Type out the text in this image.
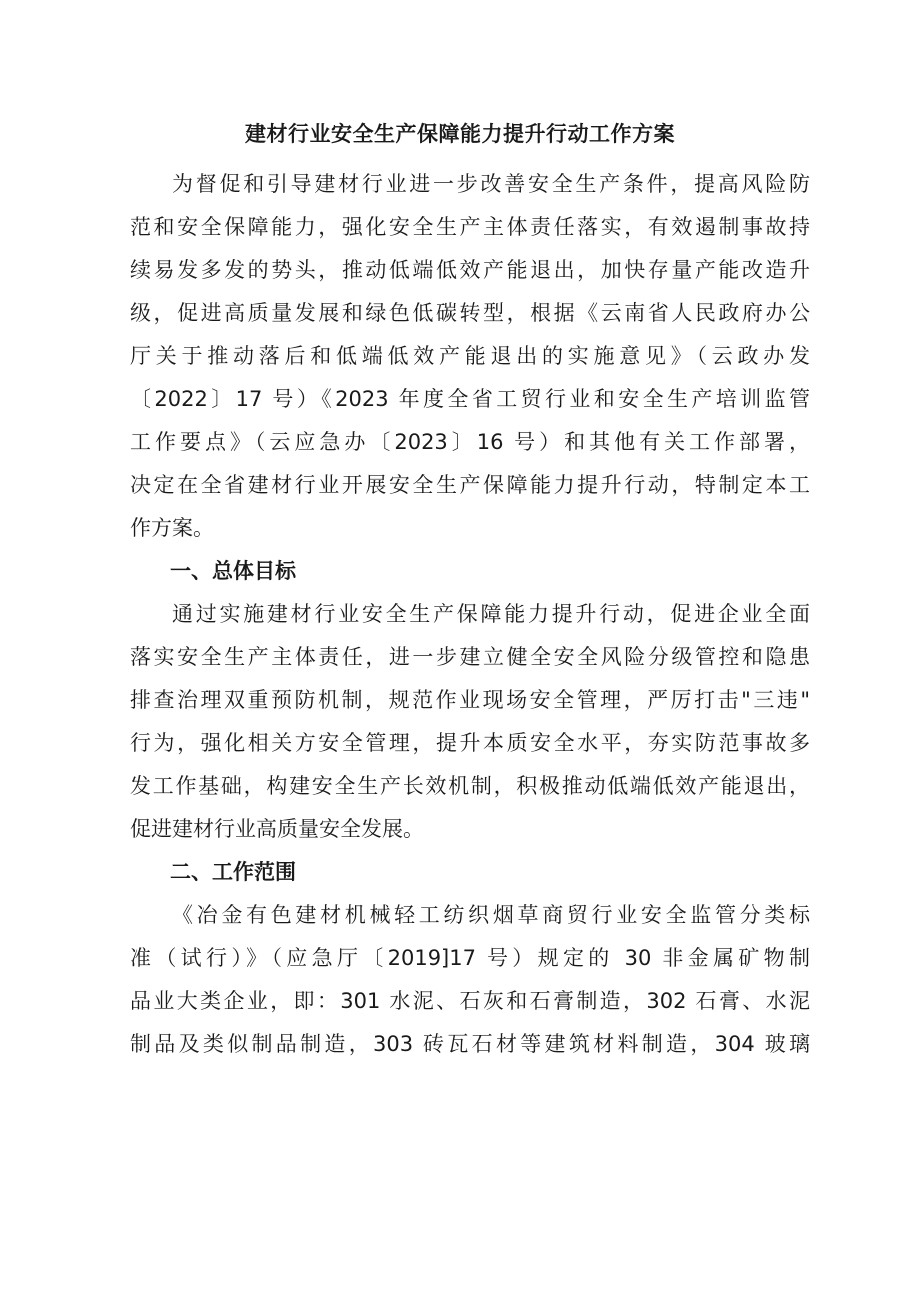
建材行业安全生产保障能力提升行动工作方案
为督促和引导建材行业进一步改善安全生产条件，提高风险防
范和安全保障能力，强化安全生产主体责任落实，有效遏制事故持
续易发多发的势头，推动低端低效产能退出，加快存量产能改造升
级，促进高质量发展和绿色低碳转型，根据《云南省人民政府办公
厅关于推动落后和低端低效产能退出的实施意见》（云政办发
〔2022〕17 号）《2023 年度全省工贸行业和安全生产培训监管
工作要点》（云应急办〔2023〕16 号）和其他有关工作部署，
决定在全省建材行业开展安全生产保障能力提升行动，特制定本工
作方案。
一、总体目标
通过实施建材行业安全生产保障能力提升行动，促进企业全面
落实安全生产主体责任，进一步建立健全安全风险分级管控和隐患
排查治理双重预防机制，规范作业现场安全管理，严厉打击"三违"
行为，强化相关方安全管理，提升本质安全水平，夯实防范事故多
发工作基础，构建安全生产长效机制，积极推动低端低效产能退出，
促进建材行业高质量安全发展。
二、工作范围
《冶金有色建材机械轻工纺织烟草商贸行业安全监管分类标
准（试行）》（应急厅〔2019]17 号）规定的 30 非金属矿物制
品业大类企业，即：301 水泥、石灰和石膏制造，302 石膏、水泥
制品及类似制品制造，303 砖瓦石材等建筑材料制造，304 玻璃
